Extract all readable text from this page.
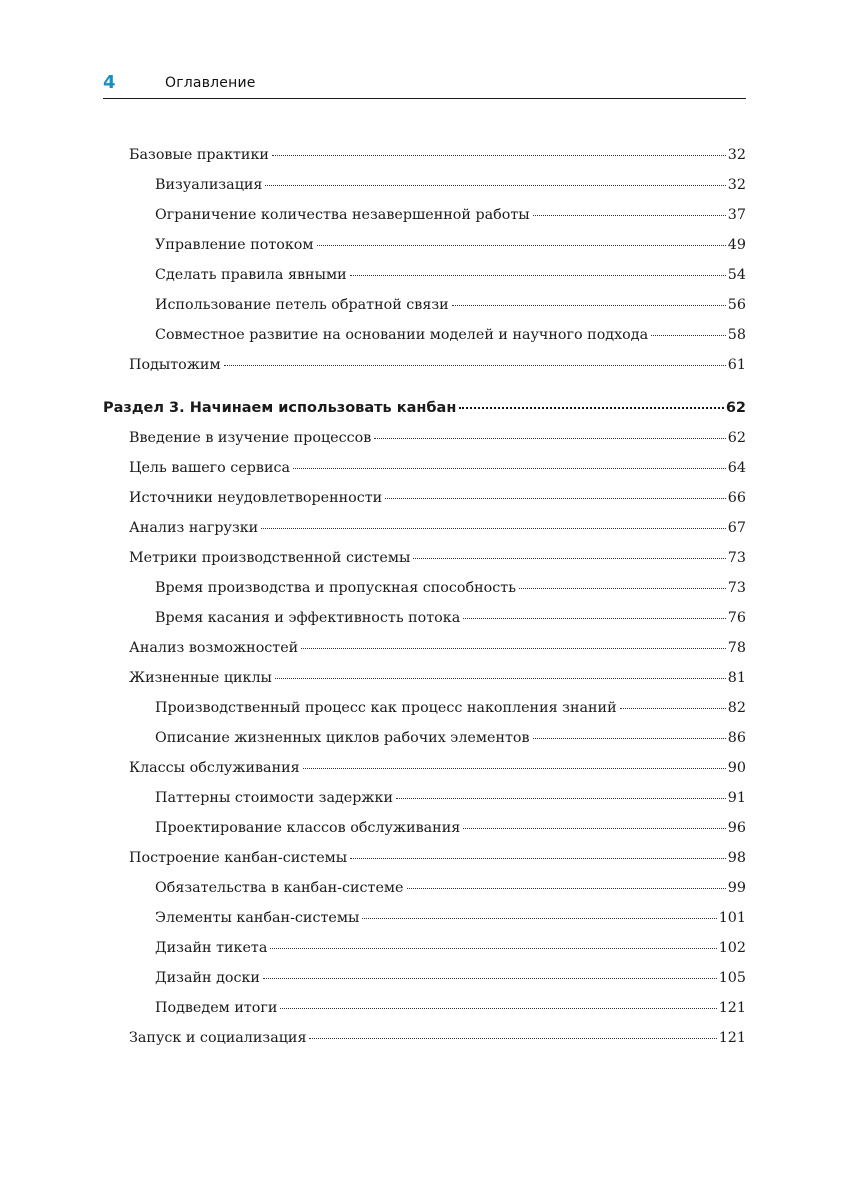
4	Оглавление
Базовые практики	32
Визуализация	32
Ограничение количества незавершенной работы	37
Управление потоком	49
Сделать правила явными	54
Использование петель обратной связи	56
Совместное развитие на основании моделей и научного подхода	58
Подытожим	61
Раздел 3. Начинаем использовать канбан	62
Введение в изучение процессов	62
Цель вашего сервиса	64
Источники неудовлетворенности	66
Анализ нагрузки	67
Метрики производственной системы	73
Время производства и пропускная способность	73
Время касания и эффективность потока	76
Анализ возможностей	78
Жизненные циклы	81
Производственный процесс как процесс накопления знаний	82
Описание жизненных циклов рабочих элементов	86
Классы обслуживания	90
Паттерны стоимости задержки	91
Проектирование классов обслуживания	96
Построение канбан-системы	98
Обязательства в канбан-системе	99
Элементы канбан-системы	101
Дизайн тикета	102
Дизайн доски	105
Подведем итоги	121
Запуск и социализация	121
